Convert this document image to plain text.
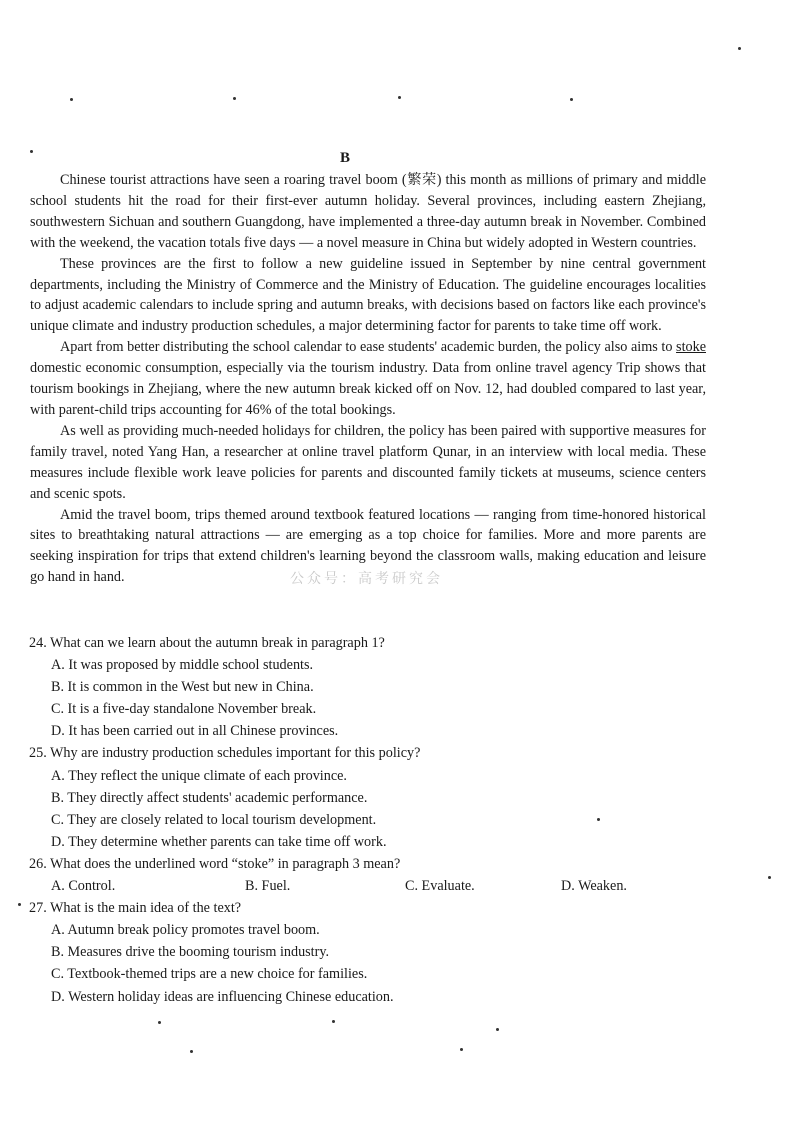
B

Chinese tourist attractions have seen a roaring travel boom (繁荣) this month as millions of primary and middle school students hit the road for their first-ever autumn holiday. Several provinces, including eastern Zhejiang, southwestern Sichuan and southern Guangdong, have implemented a three-day autumn break in November. Combined with the weekend, the vacation totals five days — a novel measure in China but widely adopted in Western countries.

These provinces are the first to follow a new guideline issued in September by nine central government departments, including the Ministry of Commerce and the Ministry of Education. The guideline encourages localities to adjust academic calendars to include spring and autumn breaks, with decisions based on factors like each province's unique climate and industry production schedules, a major determining factor for parents to take time off work.

Apart from better distributing the school calendar to ease students' academic burden, the policy also aims to stoke domestic economic consumption, especially via the tourism industry. Data from online travel agency Trip shows that tourism bookings in Zhejiang, where the new autumn break kicked off on Nov. 12, had doubled compared to last year, with parent-child trips accounting for 46% of the total bookings.

As well as providing much-needed holidays for children, the policy has been paired with supportive measures for family travel, noted Yang Han, a researcher at online travel platform Qunar, in an interview with local media. These measures include flexible work leave policies for parents and discounted family tickets at museums, science centers and scenic spots.

Amid the travel boom, trips themed around textbook featured locations — ranging from time-honored historical sites to breathtaking natural attractions — are emerging as a top choice for families. More and more parents are seeking inspiration for trips that extend children's learning beyond the classroom walls, making education and leisure go hand in hand.	公众号：高考研究会
24. What can we learn about the autumn break in paragraph 1?
A. It was proposed by middle school students.
B. It is common in the West but new in China.
C. It is a five-day standalone November break.
D. It has been carried out in all Chinese provinces.
25. Why are industry production schedules important for this policy?
A. They reflect the unique climate of each province.
B. They directly affect students' academic performance.
C. They are closely related to local tourism development.
D. They determine whether parents can take time off work.
26. What does the underlined word “stoke” in paragraph 3 mean?
A. Control.	B. Fuel.	C. Evaluate.	D. Weaken.
27. What is the main idea of the text?
A. Autumn break policy promotes travel boom.
B. Measures drive the booming tourism industry.
C. Textbook-themed trips are a new choice for families.
D. Western holiday ideas are influencing Chinese education.
